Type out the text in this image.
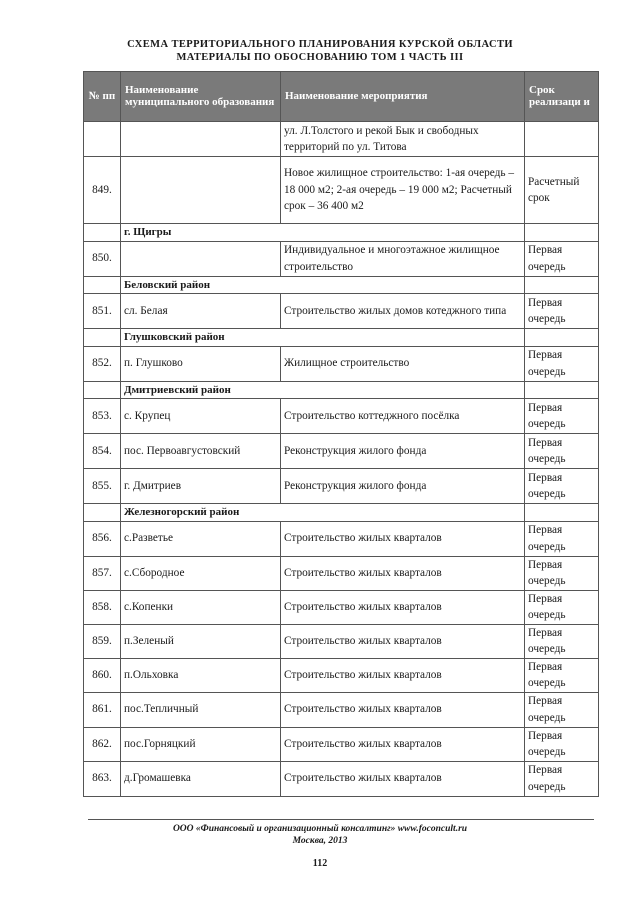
СХЕМА ТЕРРИТОРИАЛЬНОГО ПЛАНИРОВАНИЯ КУРСКОЙ ОБЛАСТИ
МАТЕРИАЛЫ ПО ОБОСНОВАНИЮ ТОМ 1 ЧАСТЬ III
№ пп	Наименование муниципального образования	Наименование мероприятия	Срок реализаци и
		ул. Л.Толстого и рекой Бык и свободных территорий по ул. Титова	
849.		Новое жилищное строительство: 1-ая очередь – 18 000 м2; 2-ая очередь – 19 000 м2; Расчетный срок – 36 400 м2	Расчетный срок
	г. Щигры		
850.		Индивидуальное и многоэтажное жилищное строительство	Первая очередь
	Беловский район		
851.	сл. Белая	Строительство жилых домов котеджного типа	Первая очередь
	Глушковский район		
852.	п. Глушково	Жилищное строительство	Первая очередь
	Дмитриевский район		
853.	с. Крупец	Строительство коттеджного посёлка	Первая очередь
854.	пос. Первоавгустовский	Реконструкция жилого фонда	Первая очередь
855.	г. Дмитриев	Реконструкция жилого фонда	Первая очередь
	Железногорский район		
856.	с.Разветье	Строительство жилых кварталов	Первая очередь
857.	с.Сбородное	Строительство жилых кварталов	Первая очередь
858.	с.Копенки	Строительство жилых кварталов	Первая очередь
859.	п.Зеленый	Строительство жилых кварталов	Первая очередь
860.	п.Ольховка	Строительство жилых кварталов	Первая очередь
861.	пос.Тепличный	Строительство жилых кварталов	Первая очередь
862.	пос.Горняцкий	Строительство жилых кварталов	Первая очередь
863.	д.Громашевка	Строительство жилых кварталов	Первая очередь
ООО «Финансовый и организационный консалтинг» www.foconcult.ru
Москва, 2013
112
